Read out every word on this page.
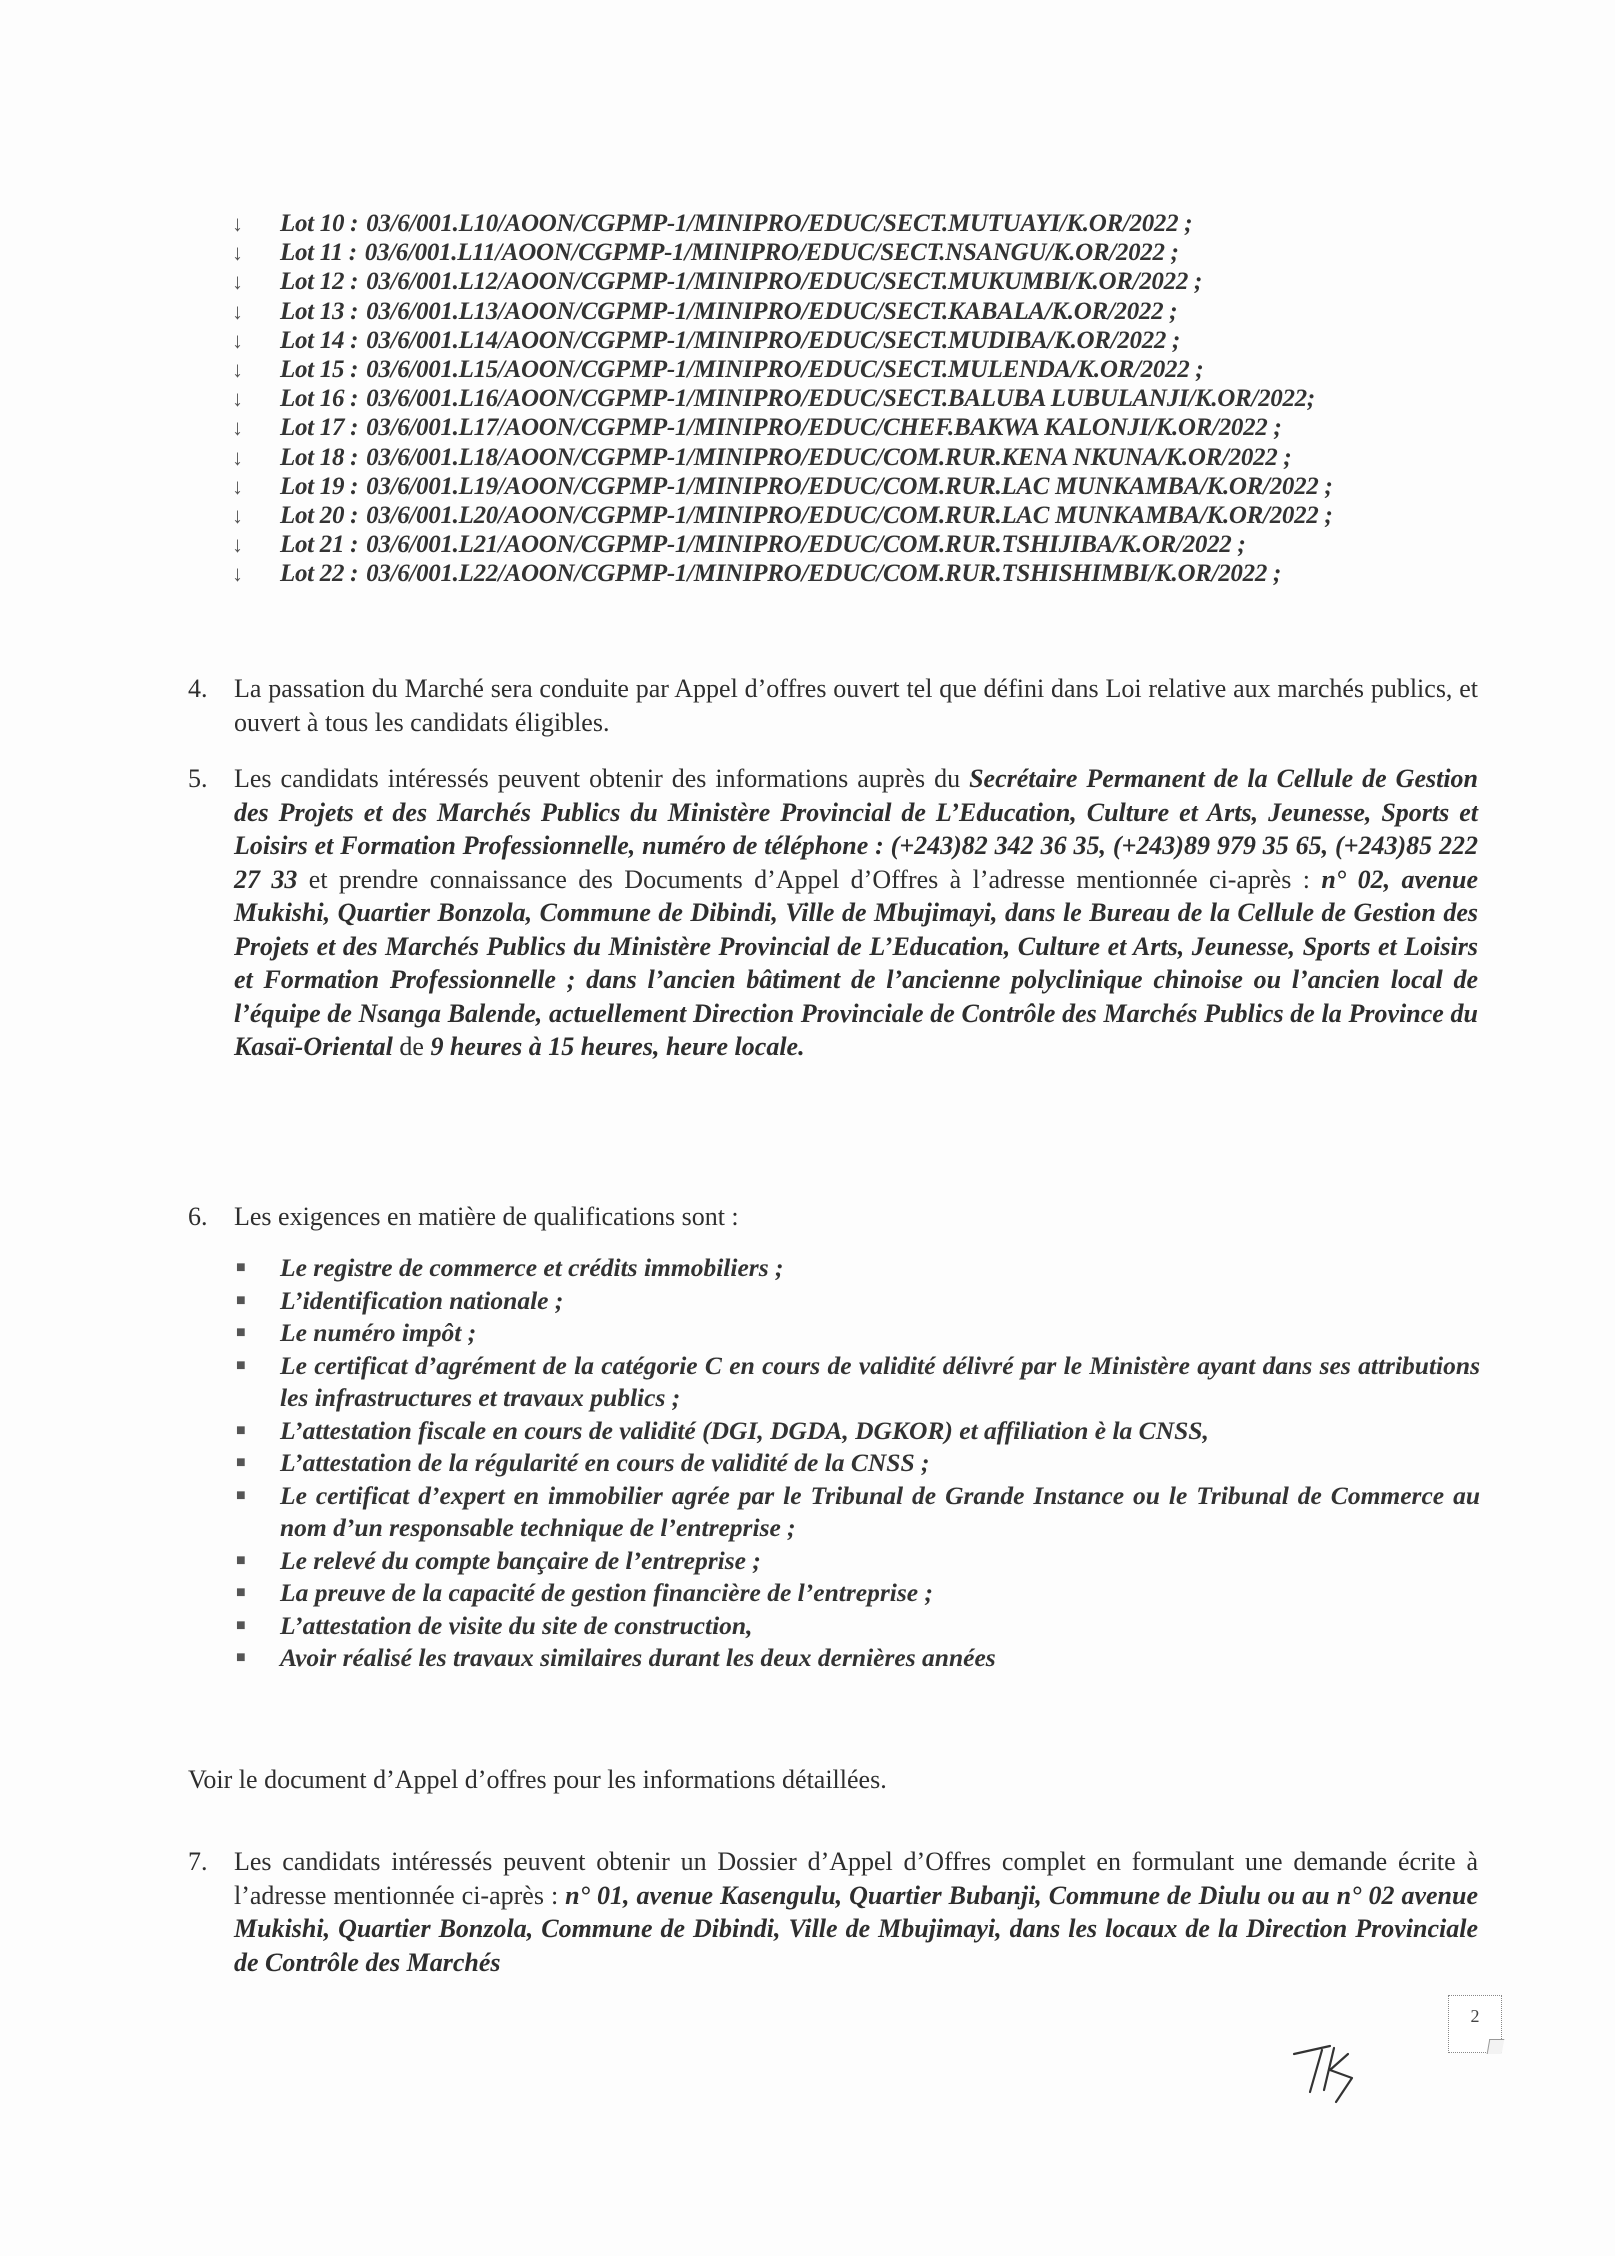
↓	Lot 10 : 03/6/001.L10/AOON/CGPMP-1/MINIPRO/EDUC/SECT.MUTUAYI/K.OR/2022 ;
↓	Lot 11 : 03/6/001.L11/AOON/CGPMP-1/MINIPRO/EDUC/SECT.NSANGU/K.OR/2022 ;
↓	Lot 12 : 03/6/001.L12/AOON/CGPMP-1/MINIPRO/EDUC/SECT.MUKUMBI/K.OR/2022 ;
↓	Lot 13 : 03/6/001.L13/AOON/CGPMP-1/MINIPRO/EDUC/SECT.KABALA/K.OR/2022 ;
↓	Lot 14 : 03/6/001.L14/AOON/CGPMP-1/MINIPRO/EDUC/SECT.MUDIBA/K.OR/2022 ;
↓	Lot 15 : 03/6/001.L15/AOON/CGPMP-1/MINIPRO/EDUC/SECT.MULENDA/K.OR/2022 ;
↓	Lot 16 : 03/6/001.L16/AOON/CGPMP-1/MINIPRO/EDUC/SECT.BALUBA LUBULANJI/K.OR/2022;
↓	Lot 17 : 03/6/001.L17/AOON/CGPMP-1/MINIPRO/EDUC/CHEF.BAKWA KALONJI/K.OR/2022 ;
↓	Lot 18 : 03/6/001.L18/AOON/CGPMP-1/MINIPRO/EDUC/COM.RUR.KENA NKUNA/K.OR/2022 ;
↓	Lot 19 : 03/6/001.L19/AOON/CGPMP-1/MINIPRO/EDUC/COM.RUR.LAC MUNKAMBA/K.OR/2022 ;
↓	Lot 20 : 03/6/001.L20/AOON/CGPMP-1/MINIPRO/EDUC/COM.RUR.LAC MUNKAMBA/K.OR/2022 ;
↓	Lot 21 : 03/6/001.L21/AOON/CGPMP-1/MINIPRO/EDUC/COM.RUR.TSHIJIBA/K.OR/2022 ;
↓	Lot 22 : 03/6/001.L22/AOON/CGPMP-1/MINIPRO/EDUC/COM.RUR.TSHISHIMBI/K.OR/2022 ;
4. La passation du Marché sera conduite par Appel d’offres ouvert tel que défini dans Loi relative aux marchés publics, et ouvert à tous les candidats éligibles.
5. Les candidats intéressés peuvent obtenir des informations auprès du Secrétaire Permanent de la Cellule de Gestion des Projets et des Marchés Publics du Ministère Provincial de L’Education, Culture et Arts, Jeunesse, Sports et Loisirs et Formation Professionnelle, numéro de téléphone : (+243)82 342 36 35, (+243)89 979 35 65, (+243)85 222 27 33 et prendre connaissance des Documents d’Appel d’Offres à l’adresse mentionnée ci-après : n° 02, avenue Mukishi, Quartier Bonzola, Commune de Dibindi, Ville de Mbujimayi, dans le Bureau de la Cellule de Gestion des Projets et des Marchés Publics du Ministère Provincial de L’Education, Culture et Arts, Jeunesse, Sports et Loisirs et Formation Professionnelle ; dans l’ancien bâtiment de l’ancienne polyclinique chinoise ou l’ancien local de l’équipe de Nsanga Balende, actuellement Direction Provinciale de Contrôle des Marchés Publics de la Province du Kasaï-Oriental de 9 heures à 15 heures, heure locale.
6. Les exigences en matière de qualifications sont :
■ Le registre de commerce et crédits immobiliers ;
■ L’identification nationale ;
■ Le numéro impôt ;
■ Le certificat d’agrément de la catégorie C en cours de validité délivré par le Ministère ayant dans ses attributions les infrastructures et travaux publics ;
■ L’attestation fiscale en cours de validité (DGI, DGDA, DGKOR) et affiliation è la CNSS,
■ L’attestation de la régularité en cours de validité de la CNSS ;
■ Le certificat d’expert en immobilier agrée par le Tribunal de Grande Instance ou le Tribunal de Commerce au nom d’un responsable technique de l’entreprise ;
■ Le relevé du compte bançaire de l’entreprise ;
■ La preuve de la capacité de gestion financière de l’entreprise ;
■ L’attestation de visite du site de construction,
■ Avoir réalisé les travaux similaires durant les deux dernières années
Voir le document d’Appel d’offres pour les informations détaillées.
7. Les candidats intéressés peuvent obtenir un Dossier d’Appel d’Offres complet en formulant une demande écrite à l’adresse mentionnée ci-après : n° 01, avenue Kasengulu, Quartier Bubanji, Commune de Diulu ou au n° 02 avenue Mukishi, Quartier Bonzola, Commune de Dibindi, Ville de Mbujimayi, dans les locaux de la Direction Provinciale de Contrôle des Marchés
2
